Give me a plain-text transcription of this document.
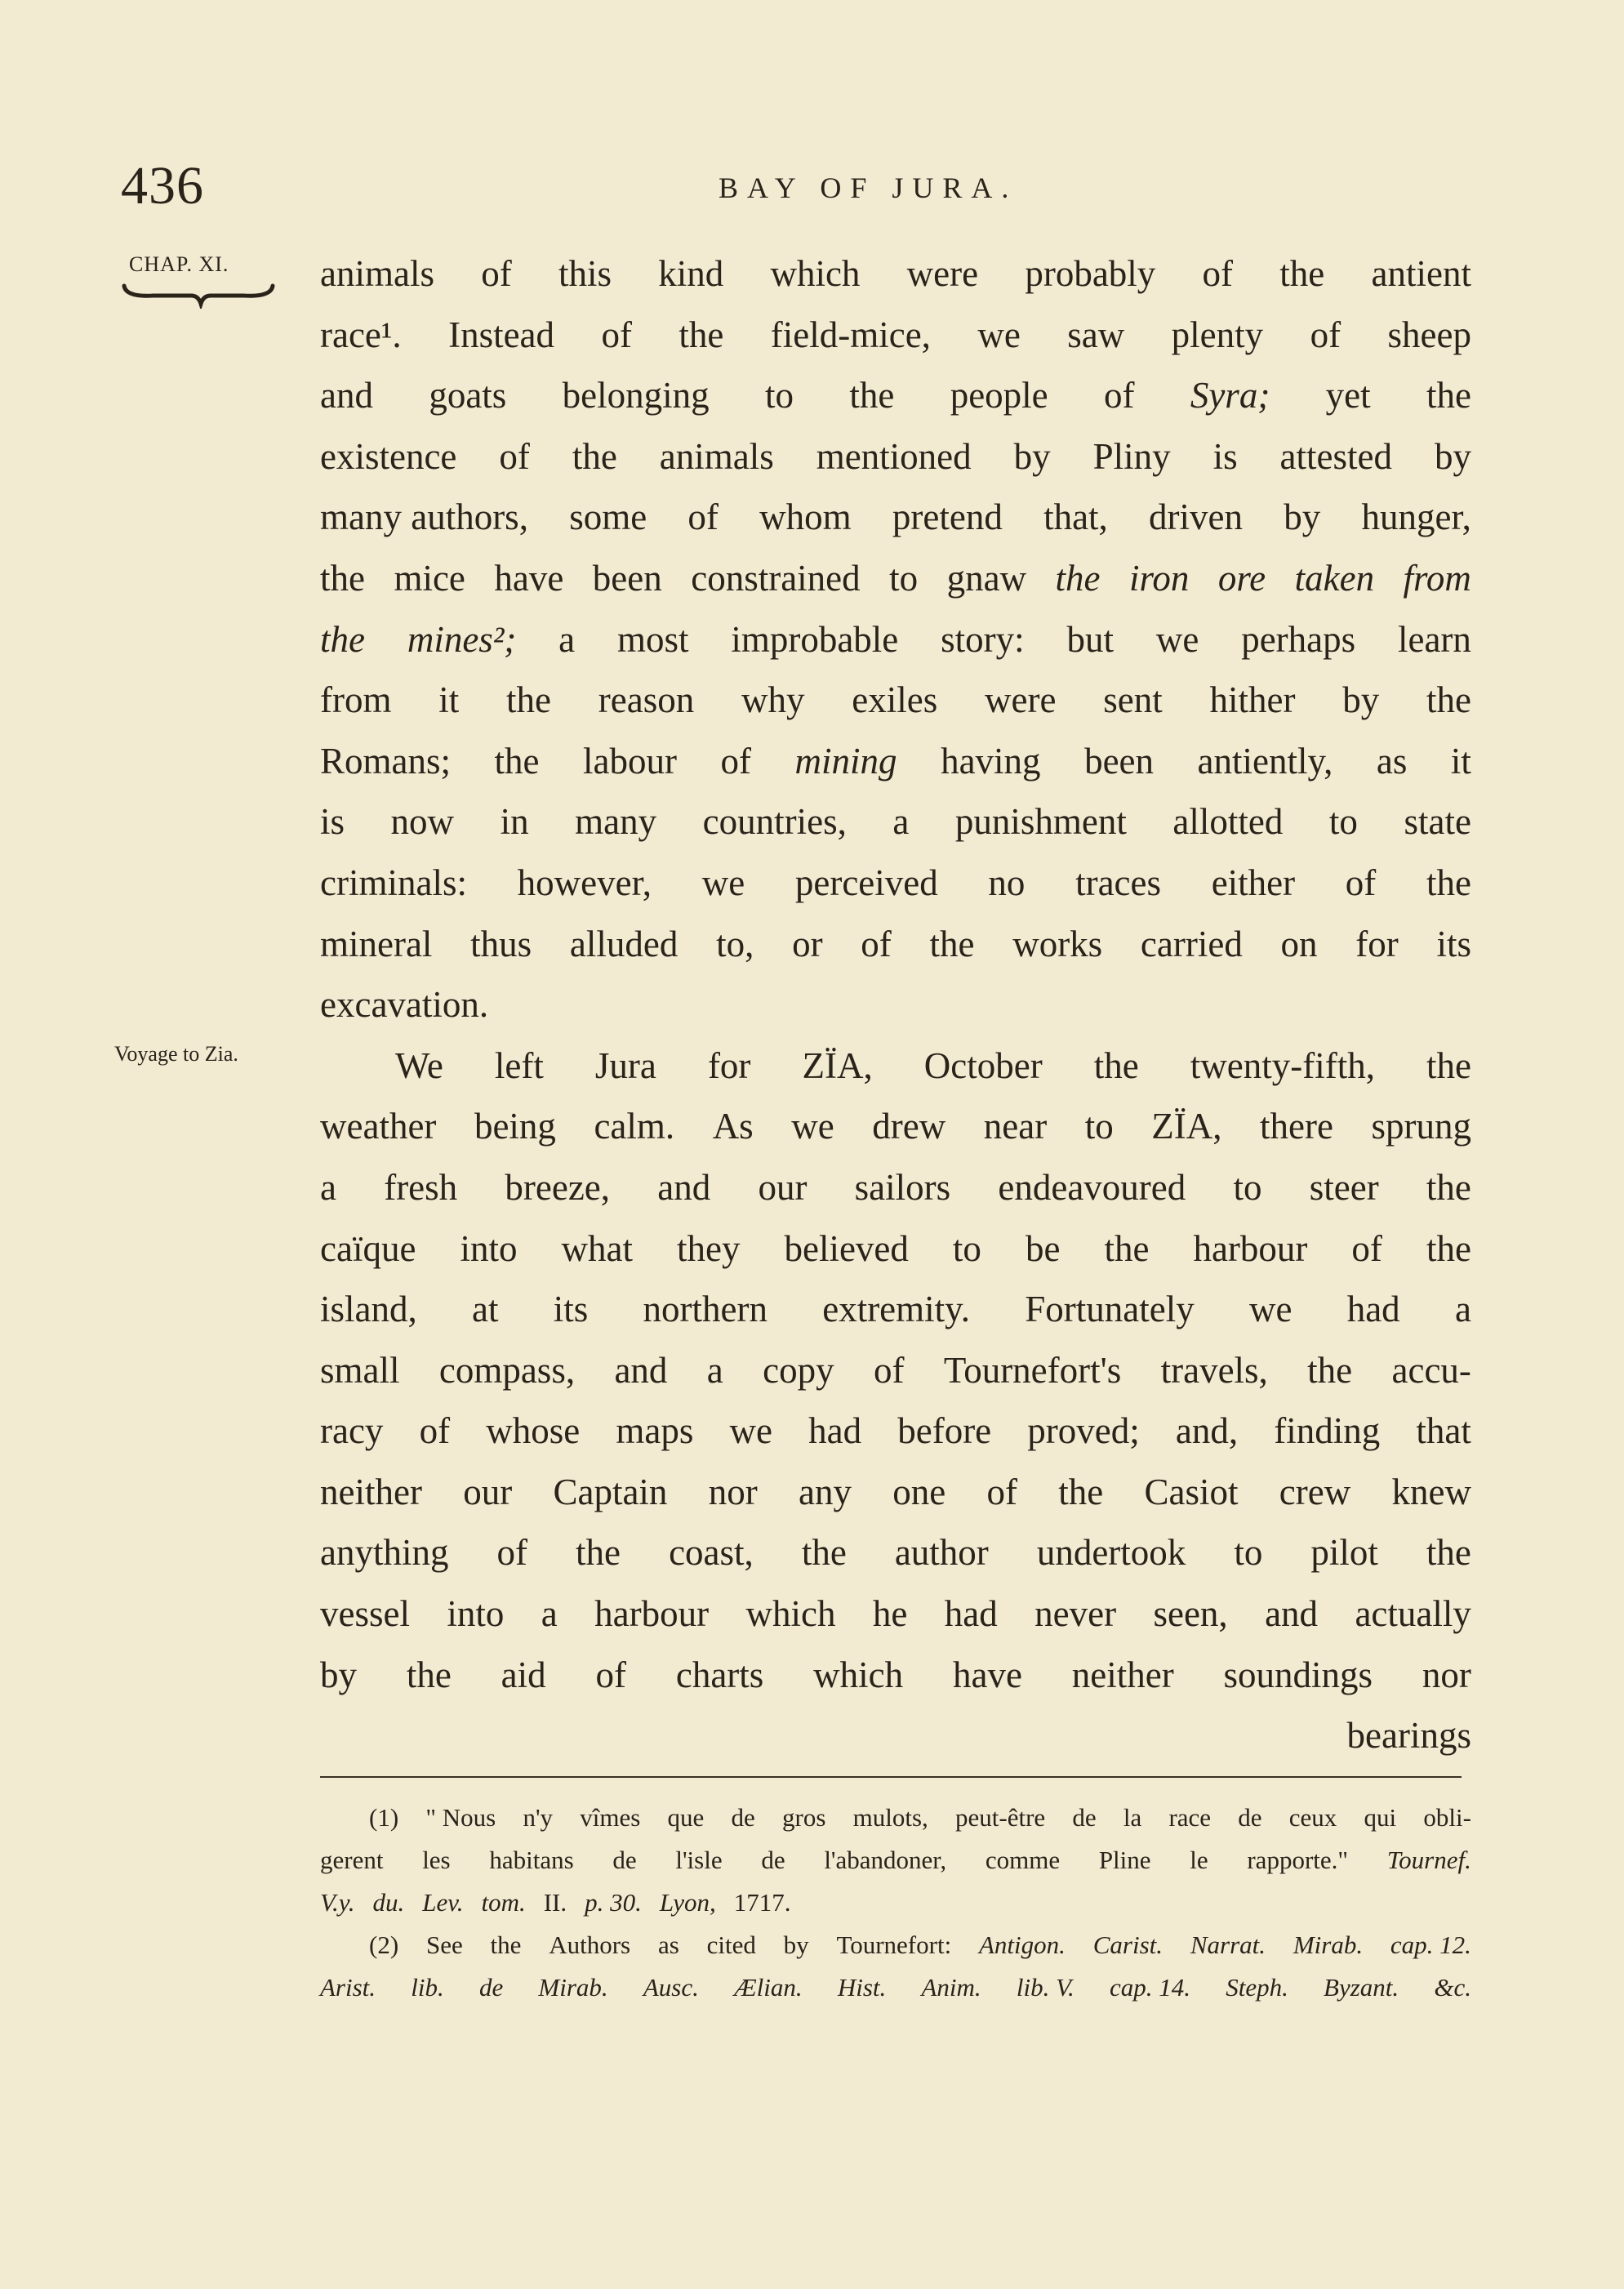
436	BAY OF JURA.
CHAP. XI.
Voyage to Zia.
animals of this kind which were probably of the antient
race¹. Instead of the field-mice, we saw plenty of sheep
and goats belonging to the people of Syra; yet the
existence of the animals mentioned by Pliny is attested by
many authors, some of whom pretend that, driven by hunger,
the mice have been constrained to gnaw the iron ore taken from
the mines²; a most improbable story: but we perhaps learn
from it the reason why exiles were sent hither by the
Romans; the labour of mining having been antiently, as it
is now in many countries, a punishment allotted to state
criminals: however, we perceived no traces either of the
mineral thus alluded to, or of the works carried on for its
excavation.
We left Jura for ZÏA, October the twenty-fifth, the
weather being calm. As we drew near to ZÏA, there sprung
a fresh breeze, and our sailors endeavoured to steer the
caïque into what they believed to be the harbour of the
island, at its northern extremity. Fortunately we had a
small compass, and a copy of Tournefort's travels, the accu-
racy of whose maps we had before proved; and, finding that
neither our Captain nor any one of the Casiot crew knew
anything of the coast, the author undertook to pilot the
vessel into a harbour which he had never seen, and actually
by the aid of charts which have neither soundings nor
bearings
(1) " Nous n'y vîmes que de gros mulots, peut-être de la race de ceux qui obli-
gerent les habitans de l'isle de l'abandoner, comme Pline le rapporte." Tournef.
V.y. du. Lev. tom. II. p. 30. Lyon, 1717.
(2) See the Authors as cited by Tournefort: Antigon. Carist. Narrat. Mirab. cap. 12.
Arist. lib. de Mirab. Ausc. Ælian. Hist. Anim. lib. V. cap. 14. Steph. Byzant. &c.
